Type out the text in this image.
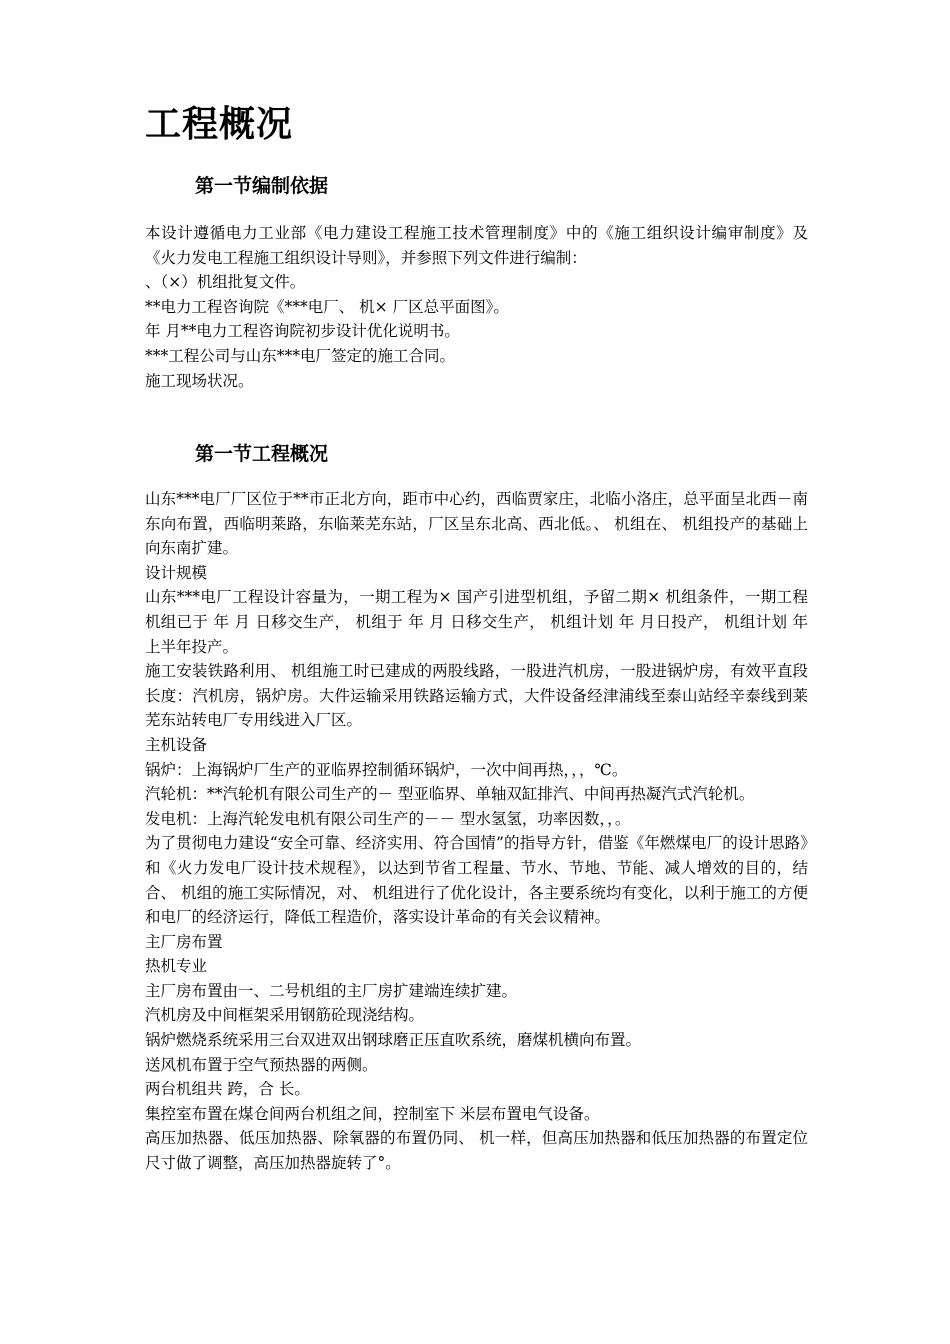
工程概况
第一节编制依据

本设计遵循电力工业部《电力建设工程施工技术管理制度》中的《施工组织设计编审制度》及《火力发电工程施工组织设计导则》，并参照下列文件进行编制：

、（×）机组批复文件。

**电力工程咨询院《***电厂、 机× 厂区总平面图》。

年 月**电力工程咨询院初步设计优化说明书。

***工程公司与山东***电厂签定的施工合同。

施工现场状况。

第一节工程概况

山东***电厂厂区位于**市正北方向，距市中心约，西临贾家庄，北临小洛庄，总平面呈北西－南东向布置，西临明莱路，东临莱芜东站，厂区呈东北高、西北低。、 机组在、 机组投产的基础上向东南扩建。

设计规模

山东***电厂工程设计容量为，一期工程为× 国产引进型机组，予留二期× 机组条件，一期工程 机组已于 年 月 日移交生产， 机组于 年 月 日移交生产， 机组计划 年 月日投产， 机组计划 年上半年投产。

施工安装铁路利用、 机组施工时已建成的两股线路，一股进汽机房，一股进锅炉房，有效平直段长度：汽机房，锅炉房。大件运输采用铁路运输方式，大件设备经津浦线至泰山站经辛泰线到莱芜东站转电厂专用线进入厂区。

主机设备

锅炉：上海锅炉厂生产的亚临界控制循环锅炉，一次中间再热，，，℃。

汽轮机：**汽轮机有限公司生产的－ 型亚临界、单轴双缸排汽、中间再热凝汽式汽轮机。

发电机：上海汽轮发电机有限公司生产的－－ 型水氢氢，功率因数，，。

为了贯彻电力建设“安全可靠、经济实用、符合国情”的指导方针，借鉴《年燃煤电厂的设计思路》和《火力发电厂设计技术规程》，以达到节省工程量、节水、节地、节能、减人增效的目的，结合、 机组的施工实际情况，对、 机组进行了优化设计，各主要系统均有变化，以利于施工的方便和电厂的经济运行，降低工程造价，落实设计革命的有关会议精神。

主厂房布置

热机专业

主厂房布置由一、二号机组的主厂房扩建端连续扩建。

汽机房及中间框架采用钢筋砼现浇结构。

锅炉燃烧系统采用三台双进双出钢球磨正压直吹系统，磨煤机横向布置。

送风机布置于空气预热器的两侧。

两台机组共 跨，合 长。

集控室布置在煤仓间两台机组之间，控制室下 米层布置电气设备。

高压加热器、低压加热器、除氧器的布置仍同、 机一样，但高压加热器和低压加热器的布置定位尺寸做了调整，高压加热器旋转了°。
